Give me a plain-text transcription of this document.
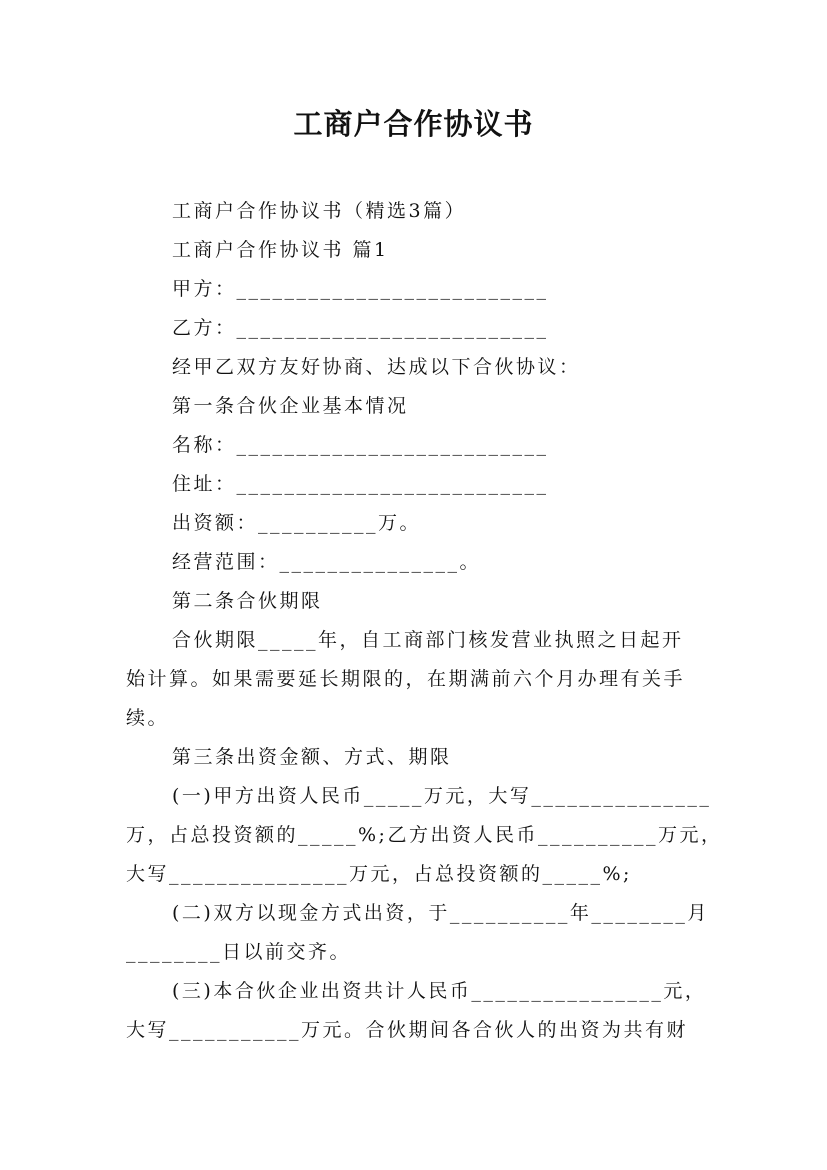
工商户合作协议书
工商户合作协议书（精选3篇）
工商户合作协议书 篇1
甲方：__________________________
乙方：__________________________
经甲乙双方友好协商、达成以下合伙协议：
第一条合伙企业基本情况
名称：__________________________
住址：__________________________
出资额：__________万。
经营范围：_______________。
第二条合伙期限
合伙期限_____年，自工商部门核发营业执照之日起开
始计算。如果需要延长期限的，在期满前六个月办理有关手
续。
第三条出资金额、方式、期限
(一)甲方出资人民币_____万元，大写_______________
万，占总投资额的_____%;乙方出资人民币__________万元，
大写_______________万元，占总投资额的_____%;
(二)双方以现金方式出资，于__________年________月
________日以前交齐。
(三)本合伙企业出资共计人民币________________元，
大写___________万元。合伙期间各合伙人的出资为共有财
